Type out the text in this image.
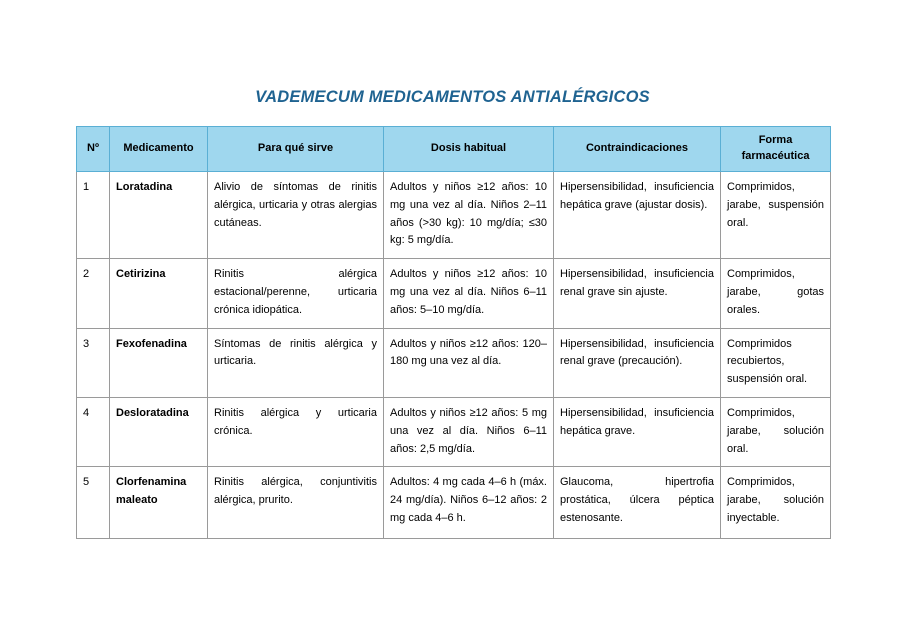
VADEMECUM MEDICAMENTOS ANTIALÉRGICOS
Nº	Medicamento	Para qué sirve	Dosis habitual	Contraindicaciones	Forma farmacéutica
1	Loratadina	Alivio de síntomas de rinitis alérgica, urticaria y otras alergias cutáneas.	Adultos y niños ≥12 años: 10 mg una vez al día. Niños 2–11 años (>30 kg): 10 mg/día; ≤30 kg: 5 mg/día.	Hipersensibilidad, insuficiencia hepática grave (ajustar dosis).	Comprimidos, jarabe, suspensión oral.
2	Cetirizina	Rinitis alérgica estacional/perenne, urticaria crónica idiopática.	Adultos y niños ≥12 años: 10 mg una vez al día. Niños 6–11 años: 5–10 mg/día.	Hipersensibilidad, insuficiencia renal grave sin ajuste.	Comprimidos, jarabe, gotas orales.
3	Fexofenadina	Síntomas de rinitis alérgica y urticaria.	Adultos y niños ≥12 años: 120–180 mg una vez al día.	Hipersensibilidad, insuficiencia renal grave (precaución).	Comprimidos recubiertos, suspensión oral.
4	Desloratadina	Rinitis alérgica y urticaria crónica.	Adultos y niños ≥12 años: 5 mg una vez al día. Niños 6–11 años: 2,5 mg/día.	Hipersensibilidad, insuficiencia hepática grave.	Comprimidos, jarabe, solución oral.
5	Clorfenamina maleato	Rinitis alérgica, conjuntivitis alérgica, prurito.	Adultos: 4 mg cada 4–6 h (máx. 24 mg/día). Niños 6–12 años: 2 mg cada 4–6 h.	Glaucoma, hipertrofia prostática, úlcera péptica estenosante.	Comprimidos, jarabe, solución inyectable.
